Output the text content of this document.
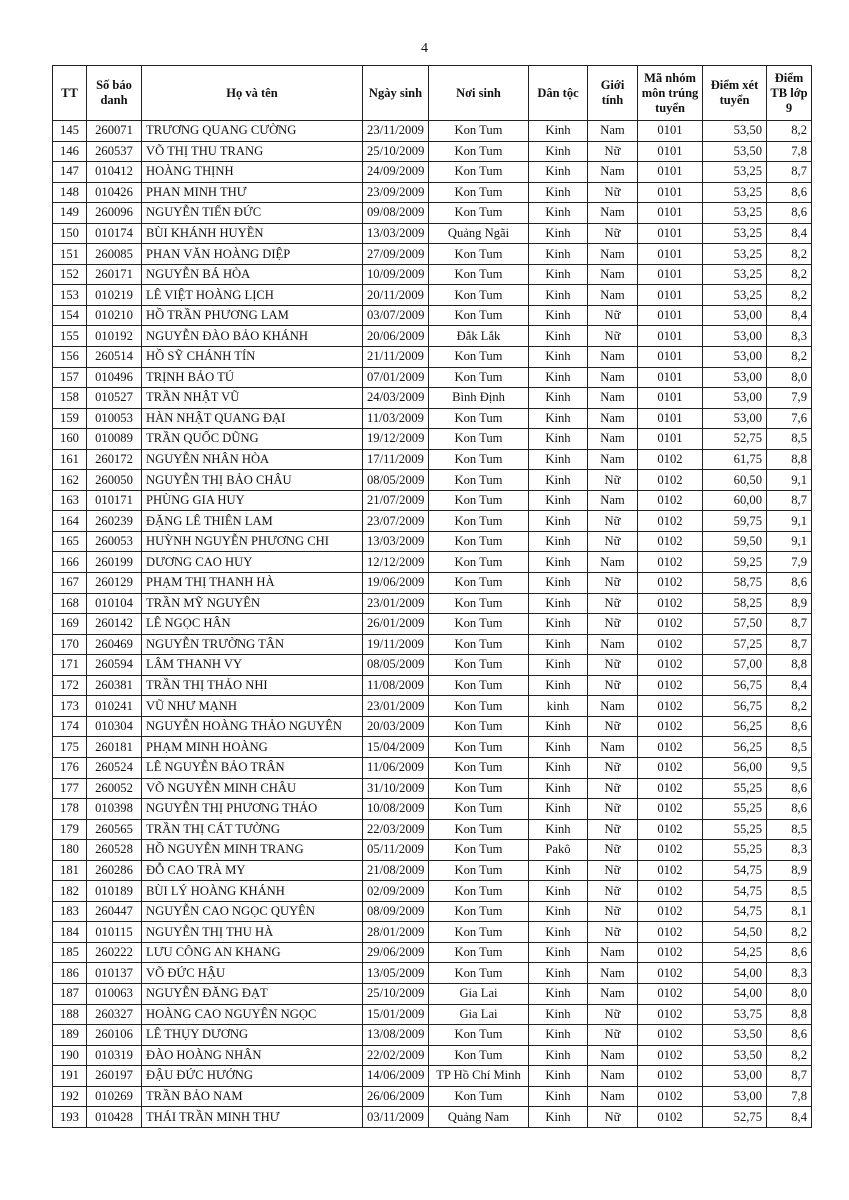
4
TT	Số báo danh	Họ và tên	Ngày sinh	Nơi sinh	Dân tộc	Giới tính	Mã nhóm môn trúng tuyển	Điểm xét tuyển	Điểm TB lớp 9
145	260071	TRƯƠNG QUANG CƯỜNG	23/11/2009	Kon Tum	Kinh	Nam	0101	53,50	8,2
146	260537	VÕ THỊ THU TRANG	25/10/2009	Kon Tum	Kinh	Nữ	0101	53,50	7,8
147	010412	HOÀNG THỊNH	24/09/2009	Kon Tum	Kinh	Nam	0101	53,25	8,7
148	010426	PHAN MINH THƯ	23/09/2009	Kon Tum	Kinh	Nữ	0101	53,25	8,6
149	260096	NGUYỄN TIẾN ĐỨC	09/08/2009	Kon Tum	Kinh	Nam	0101	53,25	8,6
150	010174	BÙI KHÁNH HUYỀN	13/03/2009	Quảng Ngãi	Kinh	Nữ	0101	53,25	8,4
151	260085	PHAN VĂN HOÀNG DIỆP	27/09/2009	Kon Tum	Kinh	Nam	0101	53,25	8,2
152	260171	NGUYỄN BÁ HÒA	10/09/2009	Kon Tum	Kinh	Nam	0101	53,25	8,2
153	010219	LÊ VIỆT HOÀNG LỊCH	20/11/2009	Kon Tum	Kinh	Nam	0101	53,25	8,2
154	010210	HỒ TRẦN PHƯƠNG LAM	03/07/2009	Kon Tum	Kinh	Nữ	0101	53,00	8,4
155	010192	NGUYỄN ĐÀO BẢO KHÁNH	20/06/2009	Đắk Lắk	Kinh	Nữ	0101	53,00	8,3
156	260514	HỒ SỸ CHÁNH TÍN	21/11/2009	Kon Tum	Kinh	Nam	0101	53,00	8,2
157	010496	TRỊNH BẢO TÚ	07/01/2009	Kon Tum	Kinh	Nam	0101	53,00	8,0
158	010527	TRẦN NHẬT VŨ	24/03/2009	Bình Định	Kinh	Nam	0101	53,00	7,9
159	010053	HÀN NHẬT QUANG ĐẠI	11/03/2009	Kon Tum	Kinh	Nam	0101	53,00	7,6
160	010089	TRẦN QUỐC DŨNG	19/12/2009	Kon Tum	Kinh	Nam	0101	52,75	8,5
161	260172	NGUYỄN NHÂN HÒA	17/11/2009	Kon Tum	Kinh	Nam	0102	61,75	8,8
162	260050	NGUYỄN THỊ BẢO CHÂU	08/05/2009	Kon Tum	Kinh	Nữ	0102	60,50	9,1
163	010171	PHÙNG GIA HUY	21/07/2009	Kon Tum	Kinh	Nam	0102	60,00	8,7
164	260239	ĐẶNG LÊ THIÊN LAM	23/07/2009	Kon Tum	Kinh	Nữ	0102	59,75	9,1
165	260053	HUỲNH NGUYỄN PHƯƠNG CHI	13/03/2009	Kon Tum	Kinh	Nữ	0102	59,50	9,1
166	260199	DƯƠNG CAO HUY	12/12/2009	Kon Tum	Kinh	Nam	0102	59,25	7,9
167	260129	PHẠM THỊ THANH HÀ	19/06/2009	Kon Tum	Kinh	Nữ	0102	58,75	8,6
168	010104	TRẦN MỸ NGUYÊN	23/01/2009	Kon Tum	Kinh	Nữ	0102	58,25	8,9
169	260142	LÊ NGỌC HÂN	26/01/2009	Kon Tum	Kinh	Nữ	0102	57,50	8,7
170	260469	NGUYỄN TRƯỜNG TÂN	19/11/2009	Kon Tum	Kinh	Nam	0102	57,25	8,7
171	260594	LÂM THANH VY	08/05/2009	Kon Tum	Kinh	Nữ	0102	57,00	8,8
172	260381	TRẦN THỊ THẢO NHI	11/08/2009	Kon Tum	Kinh	Nữ	0102	56,75	8,4
173	010241	VŨ NHƯ MẠNH	23/01/2009	Kon Tum	kinh	Nam	0102	56,75	8,2
174	010304	NGUYỄN HOÀNG THẢO NGUYÊN	20/03/2009	Kon Tum	Kinh	Nữ	0102	56,25	8,6
175	260181	PHẠM MINH HOÀNG	15/04/2009	Kon Tum	Kinh	Nam	0102	56,25	8,5
176	260524	LÊ NGUYỄN BẢO TRÂN	11/06/2009	Kon Tum	Kinh	Nữ	0102	56,00	9,5
177	260052	VÕ NGUYỄN MINH CHÂU	31/10/2009	Kon Tum	Kinh	Nữ	0102	55,25	8,6
178	010398	NGUYỄN THỊ PHƯƠNG THẢO	10/08/2009	Kon Tum	Kinh	Nữ	0102	55,25	8,6
179	260565	TRẦN THỊ CÁT TƯỜNG	22/03/2009	Kon Tum	Kinh	Nữ	0102	55,25	8,5
180	260528	HỒ NGUYỄN MINH TRANG	05/11/2009	Kon Tum	Pakô	Nữ	0102	55,25	8,3
181	260286	ĐỖ CAO TRÀ MY	21/08/2009	Kon Tum	Kinh	Nữ	0102	54,75	8,9
182	010189	BÙI LÝ HOÀNG KHÁNH	02/09/2009	Kon Tum	Kinh	Nữ	0102	54,75	8,5
183	260447	NGUYỄN CAO NGỌC QUYÊN	08/09/2009	Kon Tum	Kinh	Nữ	0102	54,75	8,1
184	010115	NGUYỄN THỊ THU HÀ	28/01/2009	Kon Tum	Kinh	Nữ	0102	54,50	8,2
185	260222	LƯU CÔNG AN KHANG	29/06/2009	Kon Tum	Kinh	Nam	0102	54,25	8,6
186	010137	VÕ ĐỨC HẬU	13/05/2009	Kon Tum	Kinh	Nam	0102	54,00	8,3
187	010063	NGUYỄN ĐĂNG ĐẠT	25/10/2009	Gia Lai	Kinh	Nam	0102	54,00	8,0
188	260327	HOÀNG CAO NGUYÊN NGỌC	15/01/2009	Gia Lai	Kinh	Nữ	0102	53,75	8,8
189	260106	LÊ THỤY DƯƠNG	13/08/2009	Kon Tum	Kinh	Nữ	0102	53,50	8,6
190	010319	ĐÀO HOÀNG NHÂN	22/02/2009	Kon Tum	Kinh	Nam	0102	53,50	8,2
191	260197	ĐẬU ĐỨC HƯỚNG	14/06/2009	TP Hồ Chí Minh	Kinh	Nam	0102	53,00	8,7
192	010269	TRẦN BẢO NAM	26/06/2009	Kon Tum	Kinh	Nam	0102	53,00	7,8
193	010428	THÁI TRẦN MINH THƯ	03/11/2009	Quảng Nam	Kinh	Nữ	0102	52,75	8,4
